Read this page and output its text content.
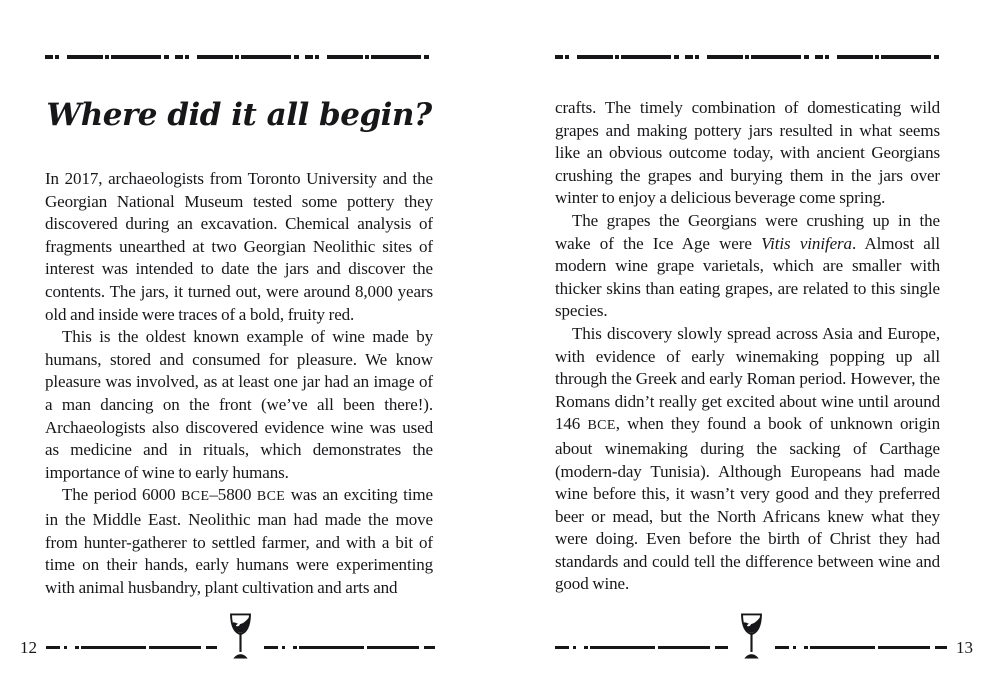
Where did it all begin?

In 2017, archaeologists from Toronto University and the Georgian National Museum tested some pottery they discovered during an excavation. Chemical analysis of fragments unearthed at two Georgian Neolithic sites of interest was intended to date the jars and discover the contents. The jars, it turned out, were around 8,000 years old and inside were traces of a bold, fruity red.

This is the oldest known example of wine made by humans, stored and consumed for pleasure. We know pleasure was involved, as at least one jar had an image of a man dancing on the front (we’ve all been there!). Archaeologists also discovered evidence wine was used as medicine and in rituals, which demonstrates the importance of wine to early humans.

The period 6000 BCE–5800 BCE was an exciting time in the Middle East. Neolithic man had made the move from hunter-gatherer to settled farmer, and with a bit of time on their hands, early humans were experimenting with animal husbandry, plant cultivation and arts and

12

crafts. The timely combination of domesticating wild grapes and making pottery jars resulted in what seems like an obvious outcome today, with ancient Georgians crushing the grapes and burying them in the jars over winter to enjoy a delicious beverage come spring.

The grapes the Georgians were crushing up in the wake of the Ice Age were Vitis vinifera. Almost all modern wine grape varietals, which are smaller with thicker skins than eating grapes, are related to this single species.

This discovery slowly spread across Asia and Europe, with evidence of early winemaking popping up all through the Greek and early Roman period. However, the Romans didn’t really get excited about wine until around 146 BCE, when they found a book of unknown origin about winemaking during the sacking of Carthage (modern-day Tunisia). Although Europeans had made wine before this, it wasn’t very good and they preferred beer or mead, but the North Africans knew what they were doing. Even before the birth of Christ they had standards and could tell the difference between wine and good wine.

13
